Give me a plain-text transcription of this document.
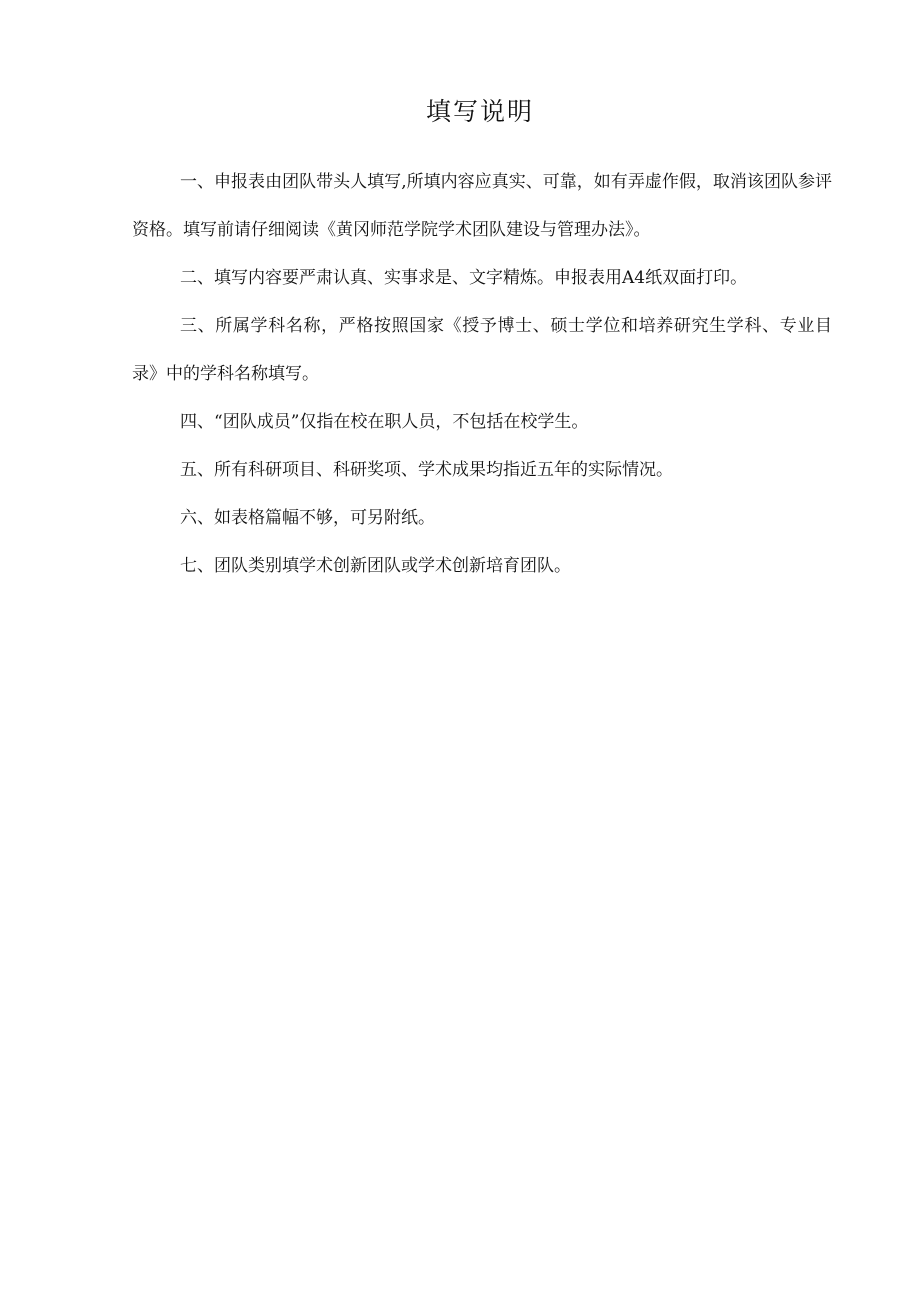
填写说明
一、申报表由团队带头人填写,所填内容应真实、可靠，如有弄虚作假，取消该团队参评资格。填写前请仔细阅读《黄冈师范学院学术团队建设与管理办法》。
二、填写内容要严肃认真、实事求是、文字精炼。申报表用A4纸双面打印。
三、所属学科名称，严格按照国家《授予博士、硕士学位和培养研究生学科、专业目录》中的学科名称填写。
四、“团队成员”仅指在校在职人员，不包括在校学生。
五、所有科研项目、科研奖项、学术成果均指近五年的实际情况。
六、如表格篇幅不够，可另附纸。
七、团队类别填学术创新团队或学术创新培育团队。
